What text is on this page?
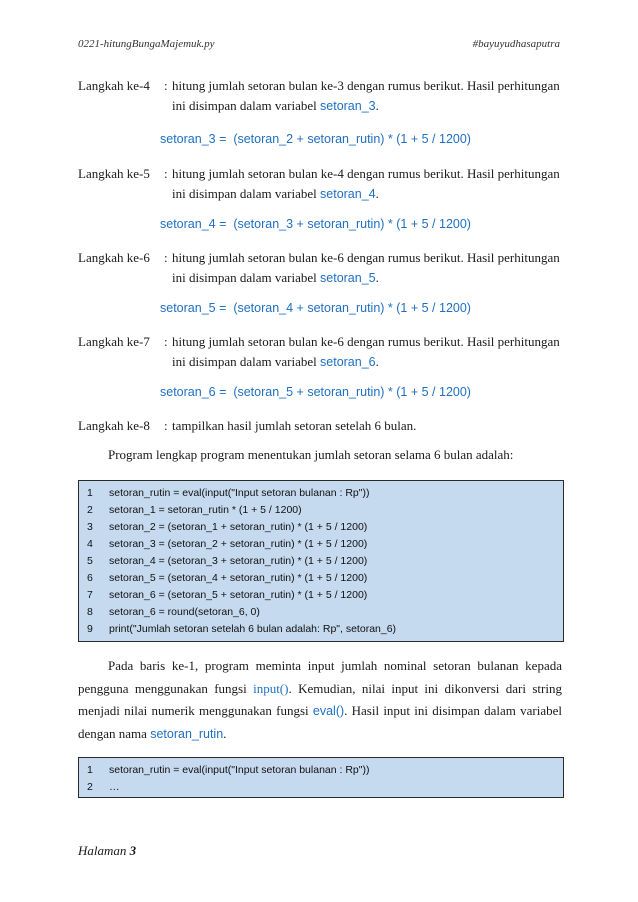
0221-hitungBungaMajemuk.py	#bayuyudhasaputra
Langkah ke-4	: hitung jumlah setoran bulan ke-3 dengan rumus berikut. Hasil perhitungan ini disimpan dalam variabel setoran_3.
setoran_3 =  (setoran_2 + setoran_rutin) * (1 + 5 / 1200)
Langkah ke-5	: hitung jumlah setoran bulan ke-4 dengan rumus berikut. Hasil perhitungan ini disimpan dalam variabel setoran_4.
setoran_4 =  (setoran_3 + setoran_rutin) * (1 + 5 / 1200)
Langkah ke-6	: hitung jumlah setoran bulan ke-6 dengan rumus berikut. Hasil perhitungan ini disimpan dalam variabel setoran_5.
setoran_5 =  (setoran_4 + setoran_rutin) * (1 + 5 / 1200)
Langkah ke-7	: hitung jumlah setoran bulan ke-6 dengan rumus berikut. Hasil perhitungan ini disimpan dalam variabel setoran_6.
setoran_6 =  (setoran_5 + setoran_rutin) * (1 + 5 / 1200)
Langkah ke-8	: tampilkan hasil jumlah setoran setelah 6 bulan.
Program lengkap program menentukan jumlah setoran selama 6 bulan adalah:
1	setoran_rutin = eval(input("Input setoran bulanan : Rp"))
2	setoran_1 = setoran_rutin * (1 + 5 / 1200)
3	setoran_2 = (setoran_1 + setoran_rutin) * (1 + 5 / 1200)
4	setoran_3 = (setoran_2 + setoran_rutin) * (1 + 5 / 1200)
5	setoran_4 = (setoran_3 + setoran_rutin) * (1 + 5 / 1200)
6	setoran_5 = (setoran_4 + setoran_rutin) * (1 + 5 / 1200)
7	setoran_6 = (setoran_5 + setoran_rutin) * (1 + 5 / 1200)
8	setoran_6 = round(setoran_6, 0)
9	print("Jumlah setoran setelah 6 bulan adalah: Rp", setoran_6)
Pada baris ke-1, program meminta input jumlah nominal setoran bulanan kepada pengguna menggunakan fungsi input(). Kemudian, nilai input ini dikonversi dari string menjadi nilai numerik menggunakan fungsi eval(). Hasil input ini disimpan dalam variabel dengan nama setoran_rutin.
1	setoran_rutin = eval(input("Input setoran bulanan : Rp"))
2	…
Halaman 3
